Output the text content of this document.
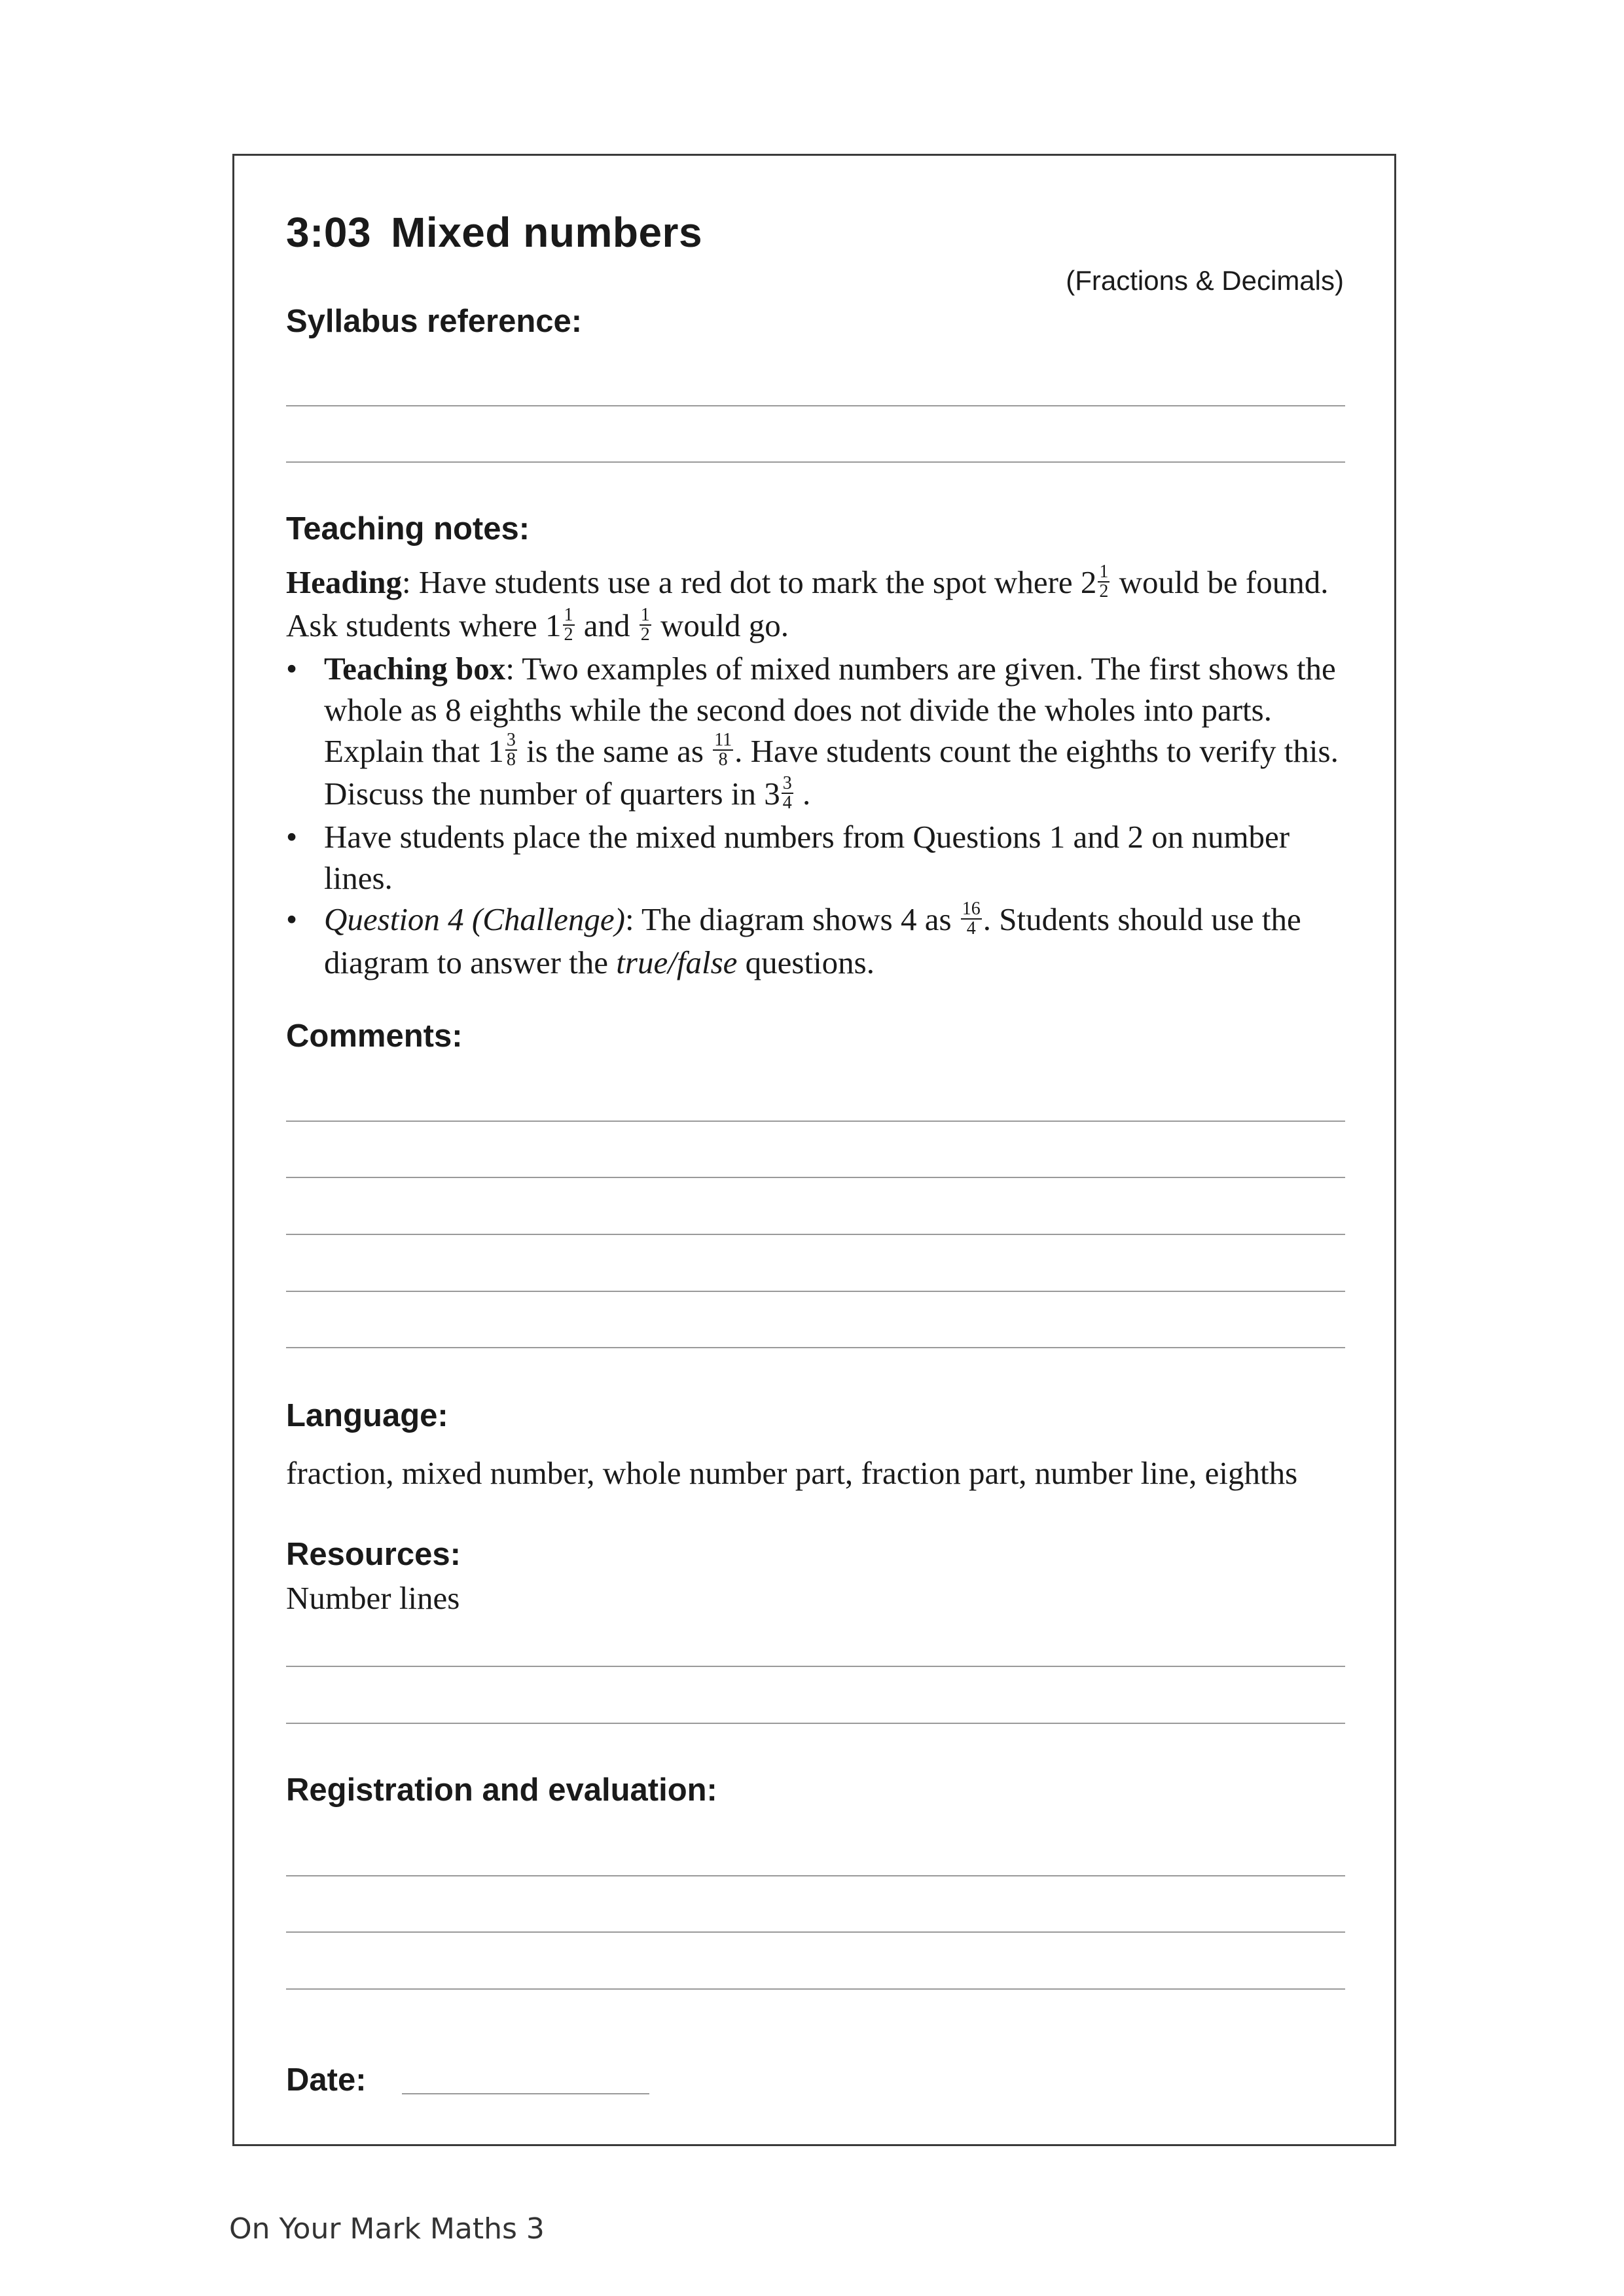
3:03 Mixed numbers
(Fractions & Decimals)
Syllabus reference:
Teaching notes:

Heading: Have students use a red dot to mark the spot where $2 \frac{1}{2}$ would be found. Ask students where $1 \frac{1}{2}$ and $\frac{1}{2}$ would go.

• Teaching box: Two examples of mixed numbers are given. The first shows the whole as 8 eighths while the second does not divide the wholes into parts. Explain that $1 \frac{3}{8}$ is the same as $\frac{11}{8}$ . Have students count the eighths to verify this. Discuss the number of quarters in $3 \frac{3}{4}$ .
• Have students place the mixed numbers from Questions 1 and 2 on number lines.
• Question 4 (Challenge): The diagram shows 4 as $\frac{16}{4}$ . Students should use the diagram to answer the true/false questions.
Comments:
Language:
fraction, mixed number, whole number part, fraction part, number line, eighths
Resources:
Number lines
Registration and evaluation:
Date:
On Your Mark Maths 3
